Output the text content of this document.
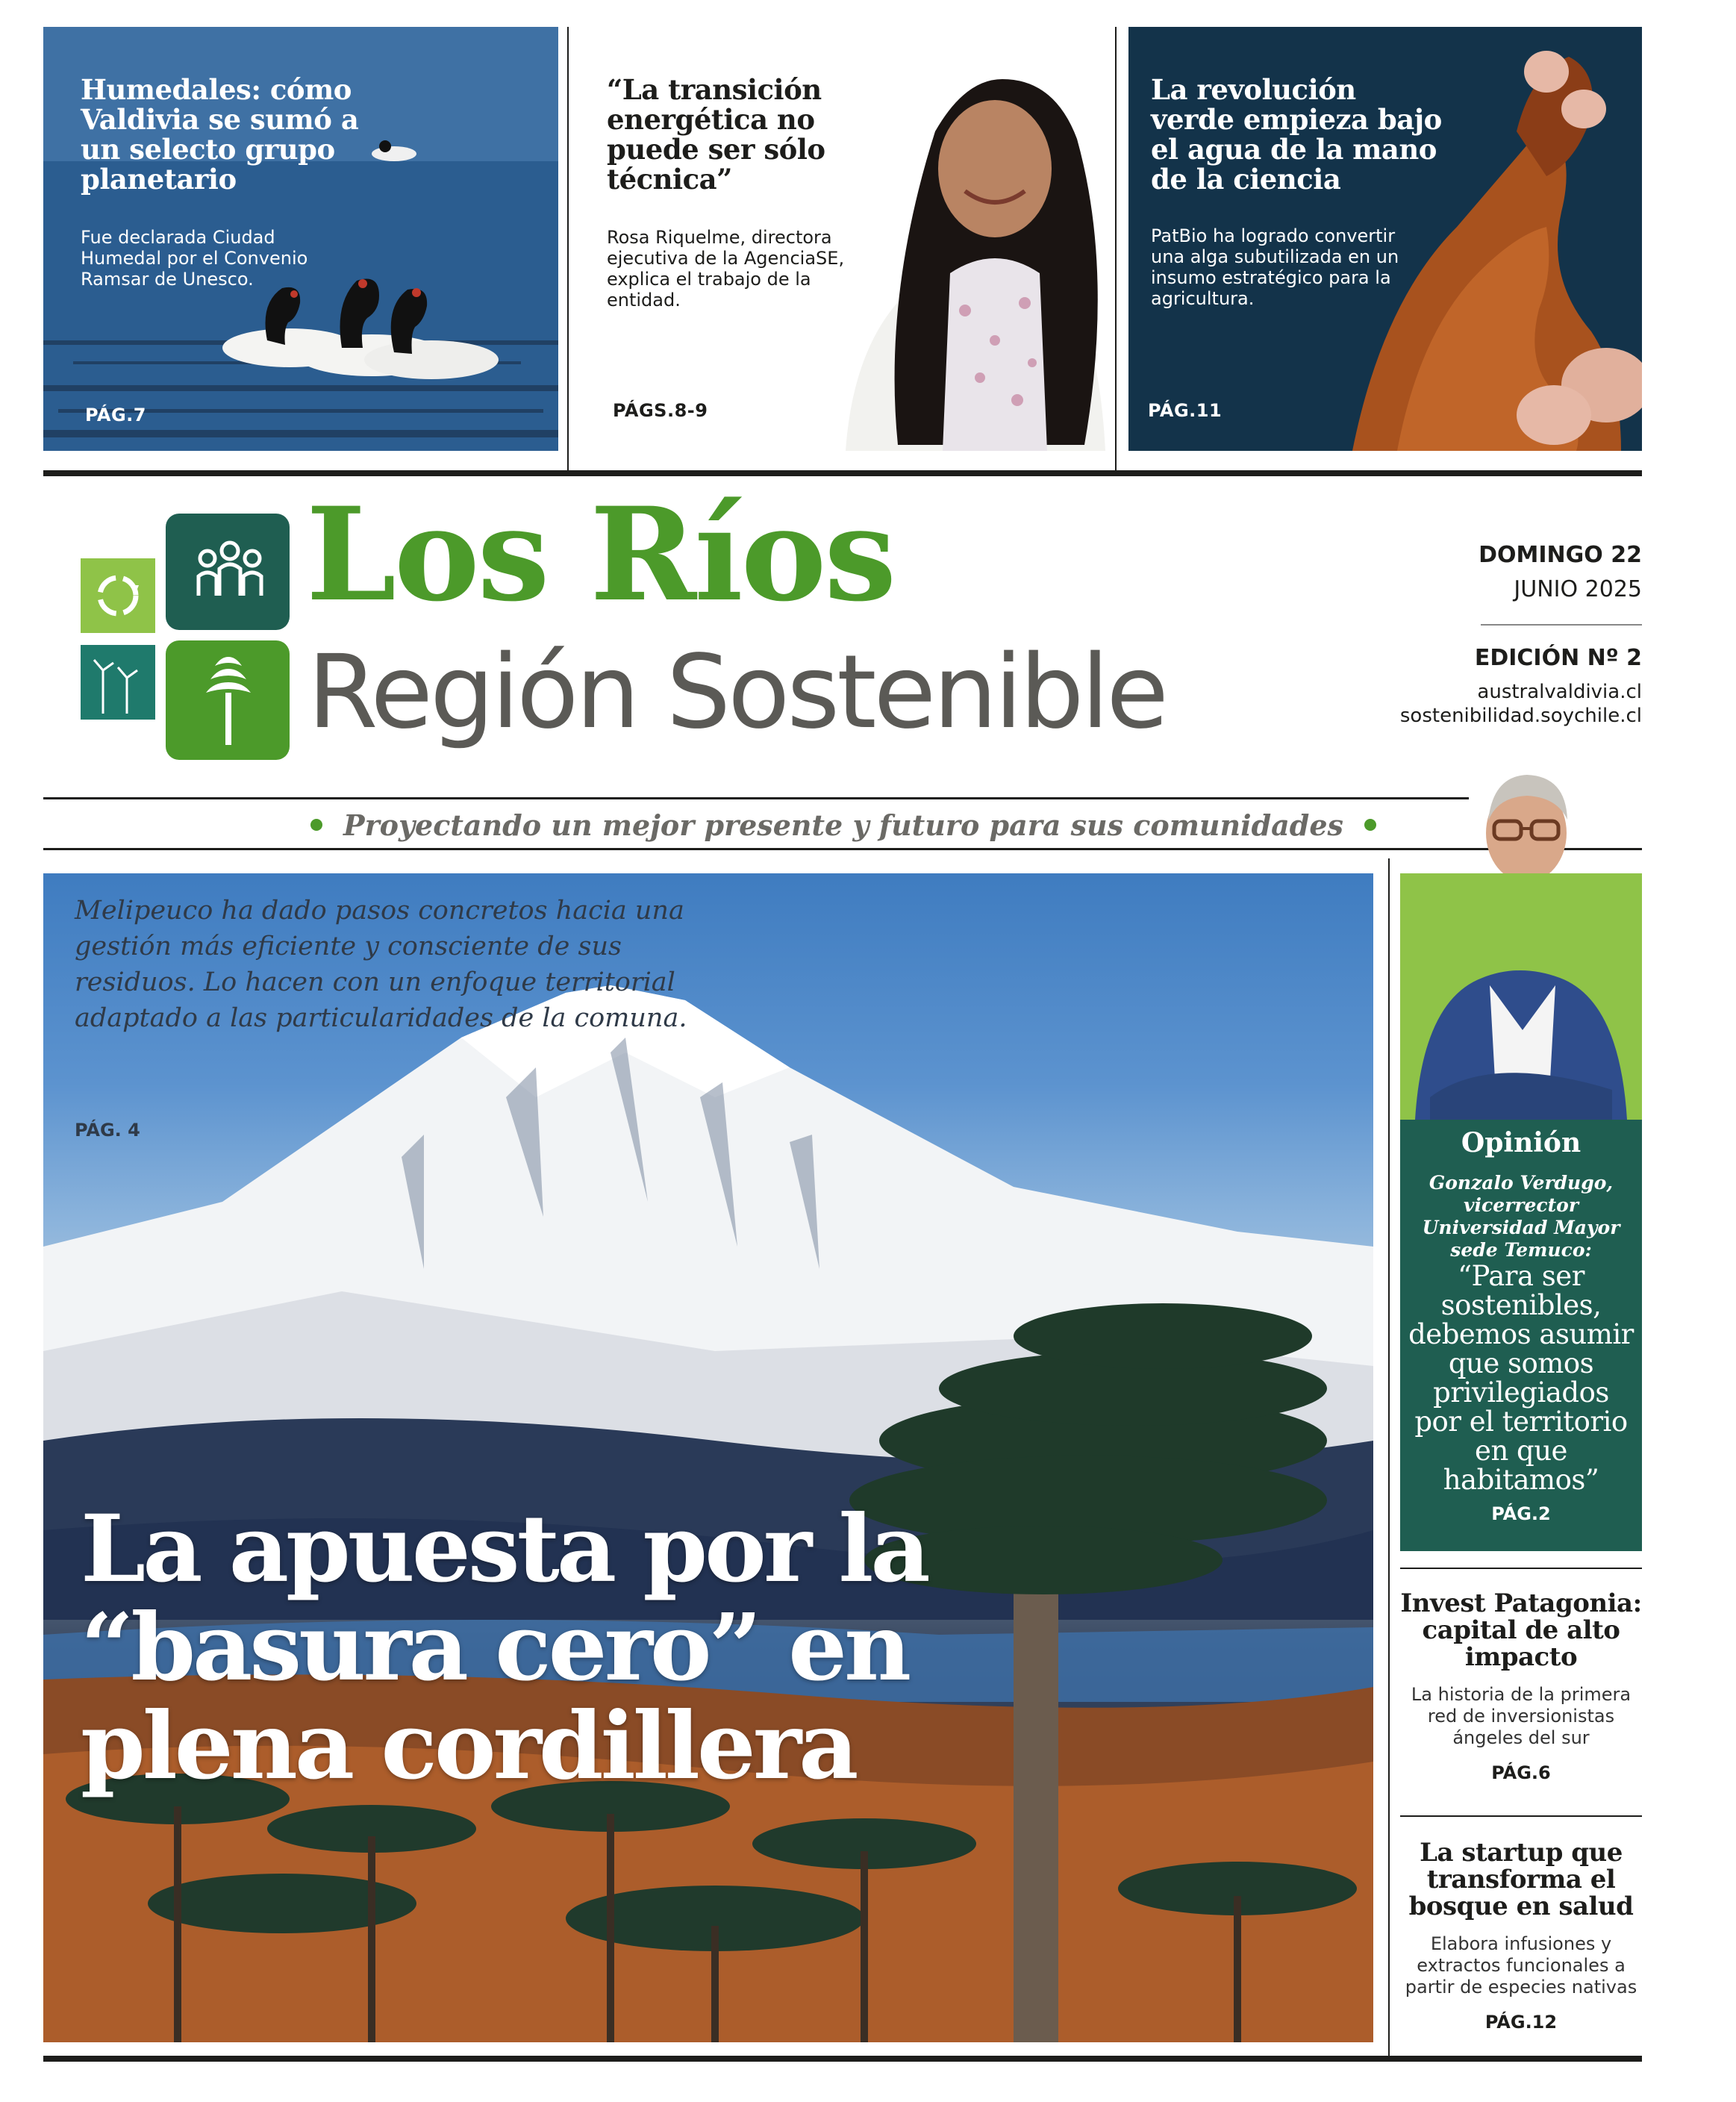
Humedales: cómo Valdivia se sumó a un selecto grupo planetario
Fue declarada Ciudad Humedal por el Convenio Ramsar de Unesco.
PÁG.7
“La transición energética no puede ser sólo técnica”
Rosa Riquelme, directora ejecutiva de la AgenciaSE, explica el trabajo de la entidad.
PÁGS.8-9
La revolución verde empieza bajo el agua de la mano de la ciencia
PatBio ha logrado convertir una alga subutilizada en un insumo estratégico para la agricultura.
PÁG.11
Los Ríos
Región Sostenible
DOMINGO 22
JUNIO 2025
EDICIÓN Nº 2
australvaldivia.cl
sostenibilidad.soychile.cl
Proyectando un mejor presente y futuro para sus comunidades
Melipeuco ha dado pasos concretos hacia una gestión más eficiente y consciente de sus residuos. Lo hacen con un enfoque territorial adaptado a las particularidades de la comuna.
PÁG. 4
La apuesta por la “basura cero” en plena cordillera
Opinión
Gonzalo Verdugo, vicerrector Universidad Mayor sede Temuco:
“Para ser sostenibles, debemos asumir que somos privilegiados por el territorio en que habitamos”
PÁG.2
Invest Patagonia: capital de alto impacto
La historia de la primera red de inversionistas ángeles del sur
PÁG.6
La startup que transforma el bosque en salud
Elabora infusiones y extractos funcionales a partir de especies nativas
PÁG.12
